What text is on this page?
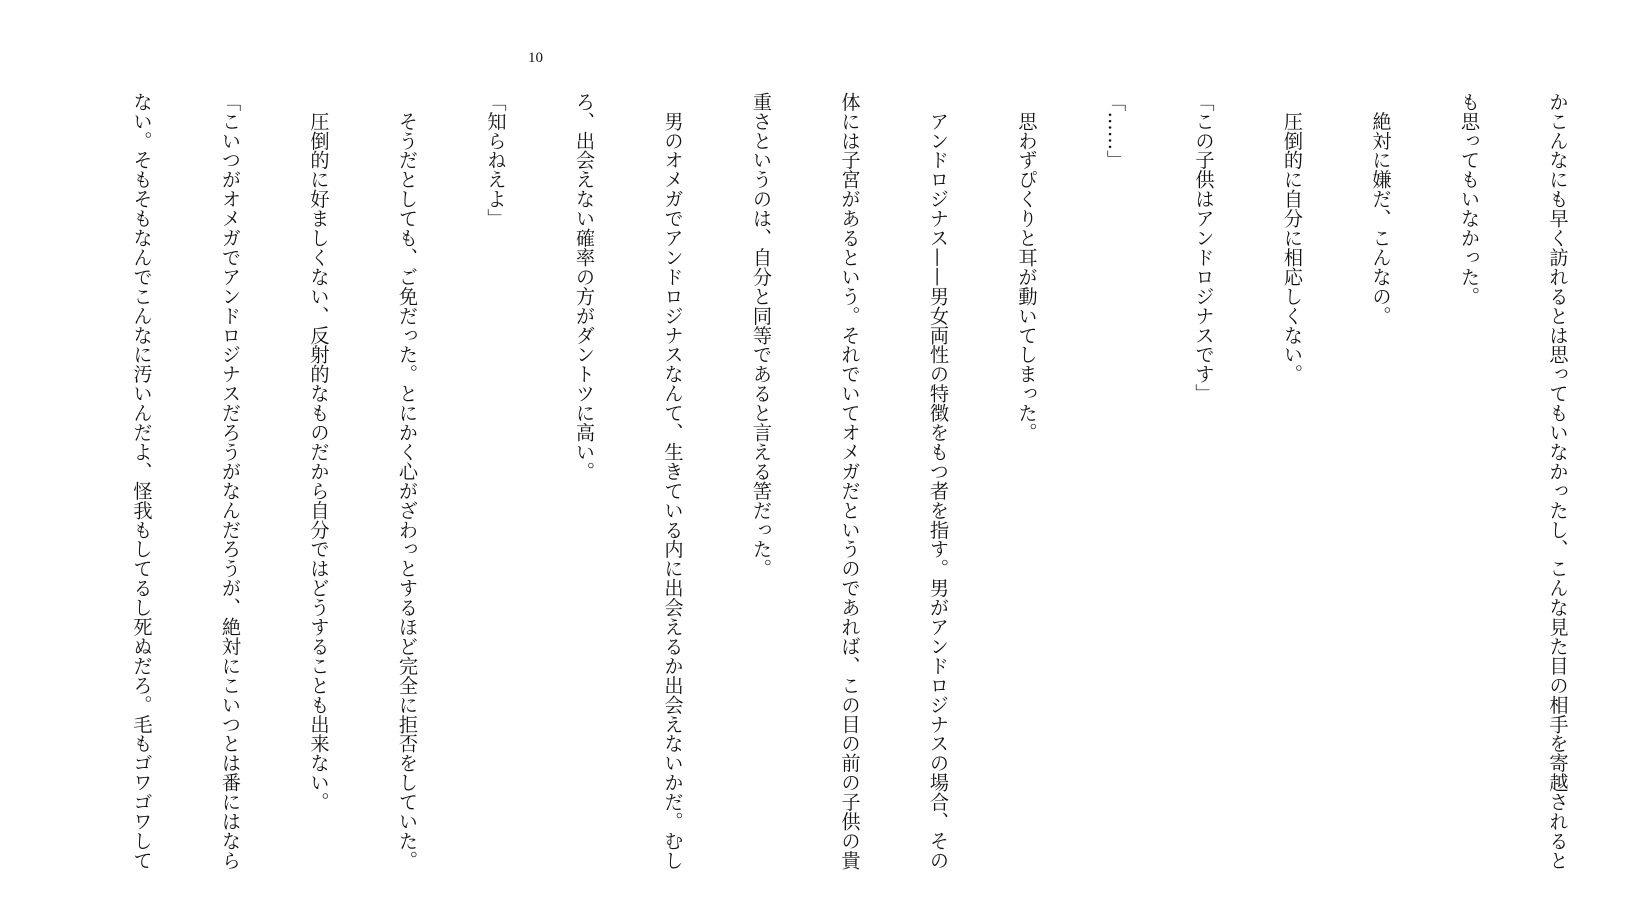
10

かこんなにも早く訪れるとは思ってもいなかったし、こんな見た目の相手を寄越されると

も思ってもいなかった。

　絶対に嫌だ、こんなの。

　圧倒的に自分に相応しくない。

「この子供はアンドロジナスです」

「……」

　思わずぴくりと耳が動いてしまった。

　アンドロジナス——男女両性の特徴をもつ者を指す。男がアンドロジナスの場合、その

体には子宮があるという。それでいてオメガだというのであれば、この目の前の子供の貴

重さというのは、自分と同等であると言える筈だった。

　男のオメガでアンドロジナスなんて、生きている内に出会えるか出会えないかだ。むし

ろ、出会えない確率の方がダントツに高い。

「知らねえよ」

　そうだとしても、ご免だった。とにかく心がざわっとするほど完全に拒否をしていた。

　圧倒的に好ましくない、反射的なものだから自分ではどうすることも出来ない。

「こいつがオメガでアンドロジナスだろうがなんだろうが、絶対にこいつとは番にはなら

ない。そもそもなんでこんなに汚いんだよ、怪我もしてるし死ぬだろ。毛もゴワゴワして
